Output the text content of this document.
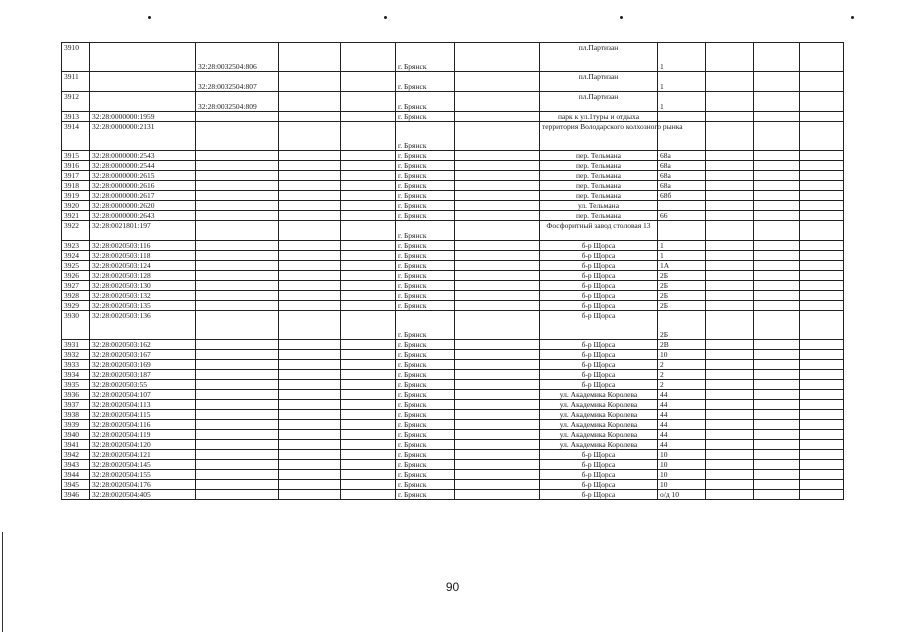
3910		32:28:0032504:806			г. Брянск		пл.Партизан	1			
3911		32:28:0032504:807			г. Брянск		пл.Партизан	1			
3912		32:28:0032504:809			г. Брянск		пл.Партизан	1			
3913	32:28:0000000:1959				г. Брянск		парк к ул.1туры и отдыха				
3914	32:28:0000000:2131				г. Брянск		территория Володарского колхозного рынка				
3915	32:28:0000000:2543				г. Брянск		пер. Тельмана	68а			
3916	32:28:0000000:2544				г. Брянск		пер. Тельмана	68а			
3917	32:28:0000000:2615				г. Брянск		пер. Тельмана	68а			
3918	32:28:0000000:2616				г. Брянск		пер. Тельмана	68а			
3919	32:28:0000000:2617				г. Брянск		пер. Тельмана	68б			
3920	32:28:0000000:2620				г. Брянск		ул. Тельмана				
3921	32:28:0000000:2643				г. Брянск		пер. Тельмана	66			
3922	32:28:0021801:197				г. Брянск		Фосфоритный завод столовая 13				
3923	32:28:0020503:116				г. Брянск		б-р Щорса	1			
3924	32:28:0020503:118				г. Брянск		б-р Щорса	1			
3925	32:28:0020503:124				г. Брянск		б-р Щорса	1А			
3926	32:28:0020503:128				г. Брянск		б-р Щорса	2Б			
3927	32:28:0020503:130				г. Брянск		б-р Щорса	2Б			
3928	32:28:0020503:132				г. Брянск		б-р Щорса	2Б			
3929	32:28:0020503:135				г. Брянск		б-р Щорса	2Б			
3930	32:28:0020503:136				г. Брянск		б-р Щорса	2Б			
3931	32:28:0020503:162				г. Брянск		б-р Щорса	2В			
3932	32:28:0020503:167				г. Брянск		б-р Щорса	10			
3933	32:28:0020503:169				г. Брянск		б-р Щорса	2			
3934	32:28:0020503:187				г. Брянск		б-р Щорса	2			
3935	32:28:0020503:55				г. Брянск		б-р Щорса	2			
3936	32:28:0020504:107				г. Брянск		ул. Академика Королева	44			
3937	32:28:0020504:113				г. Брянск		ул. Академика Королева	44			
3938	32:28:0020504:115				г. Брянск		ул. Академика Королева	44			
3939	32:28:0020504:116				г. Брянск		ул. Академика Королева	44			
3940	32:28:0020504:119				г. Брянск		ул. Академика Королева	44			
3941	32:28:0020504:120				г. Брянск		ул. Академика Королева	44			
3942	32:28:0020504:121				г. Брянск		б-р Щорса	10			
3943	32:28:0020504:145				г. Брянск		б-р Щорса	10			
3944	32:28:0020504:155				г. Брянск		б-р Щорса	10			
3945	32:28:0020504:176				г. Брянск		б-р Щорса	10			
3946	32:28:0020504:405				г. Брянск		б-р Щорса	о/д 10			
90
